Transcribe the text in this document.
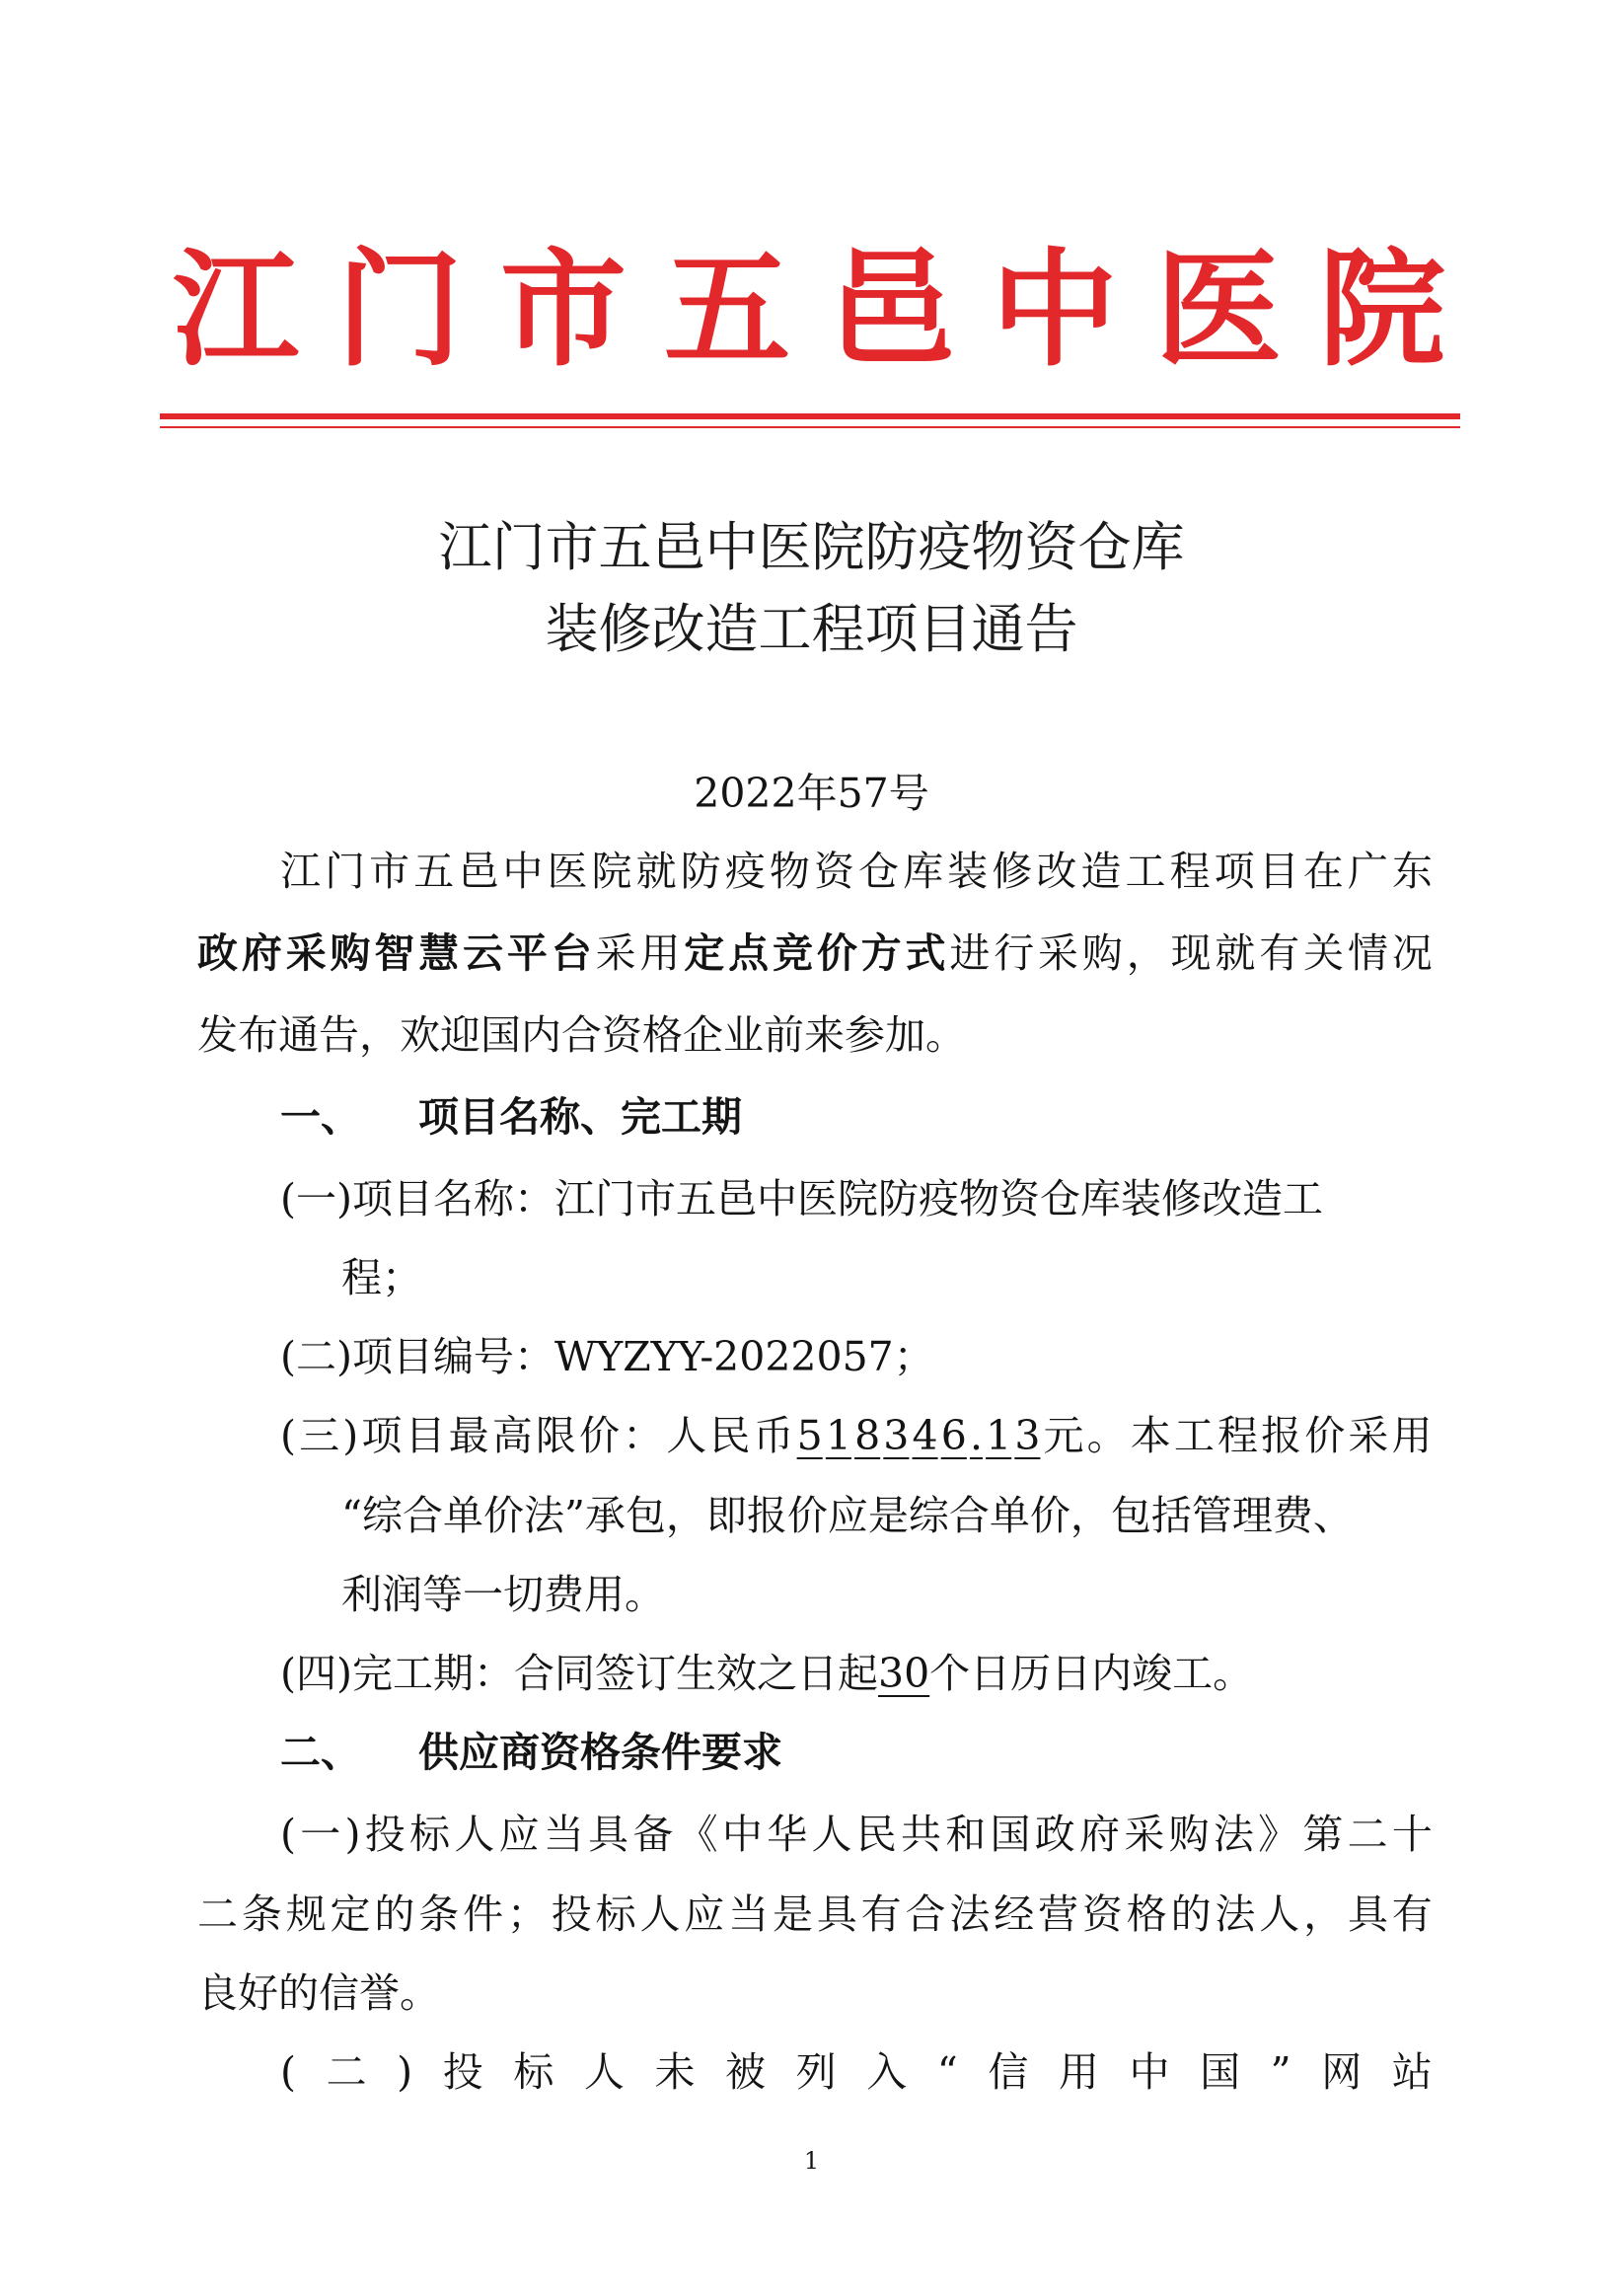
江 门 市 五 邑 中 医 院
江门市五邑中医院防疫物资仓库
装修改造工程项目通告
2022年57号
江 门 市 五 邑 中 医 院 就 防 疫 物 资 仓 库 装 修 改 造 工 程 项 目 在 广 东
政 府 采 购 智 慧 云 平 台 采 用 定 点 竞 价 方 式 进 行 采 购 ， 现 就 有 关 情 况
发布通告，欢迎国内合资格企业前来参加。
一、 项目名称、完工期
(一)项目名称：江门市五邑中医院防疫物资仓库装修改造工
程；
(二)项目编号：WYZYY-2022057；
( 三 ) 项 目 最 高 限 价 ： 人 民 币 5 1 8 3 4 6 . 1 3 元 。 本 工 程 报 价 采 用
“综合单价法”承包，即报价应是综合单价，包括管理费、
利润等一切费用。
(四)完工期：合同签订生效之日起 30 个日历日内竣工。
二、 供应商资格条件要求
( 一 ) 投 标 人 应 当 具 备 《 中 华 人 民 共 和 国 政 府 采 购 法 》 第 二 十
二 条 规 定 的 条 件 ； 投 标 人 应 当 是 具 有 合 法 经 营 资 格 的 法 人 ， 具 有
良好的信誉。
( 二 ) 投 标 人 未 被 列 入 “ 信 用 中 国 ” 网 站
1
